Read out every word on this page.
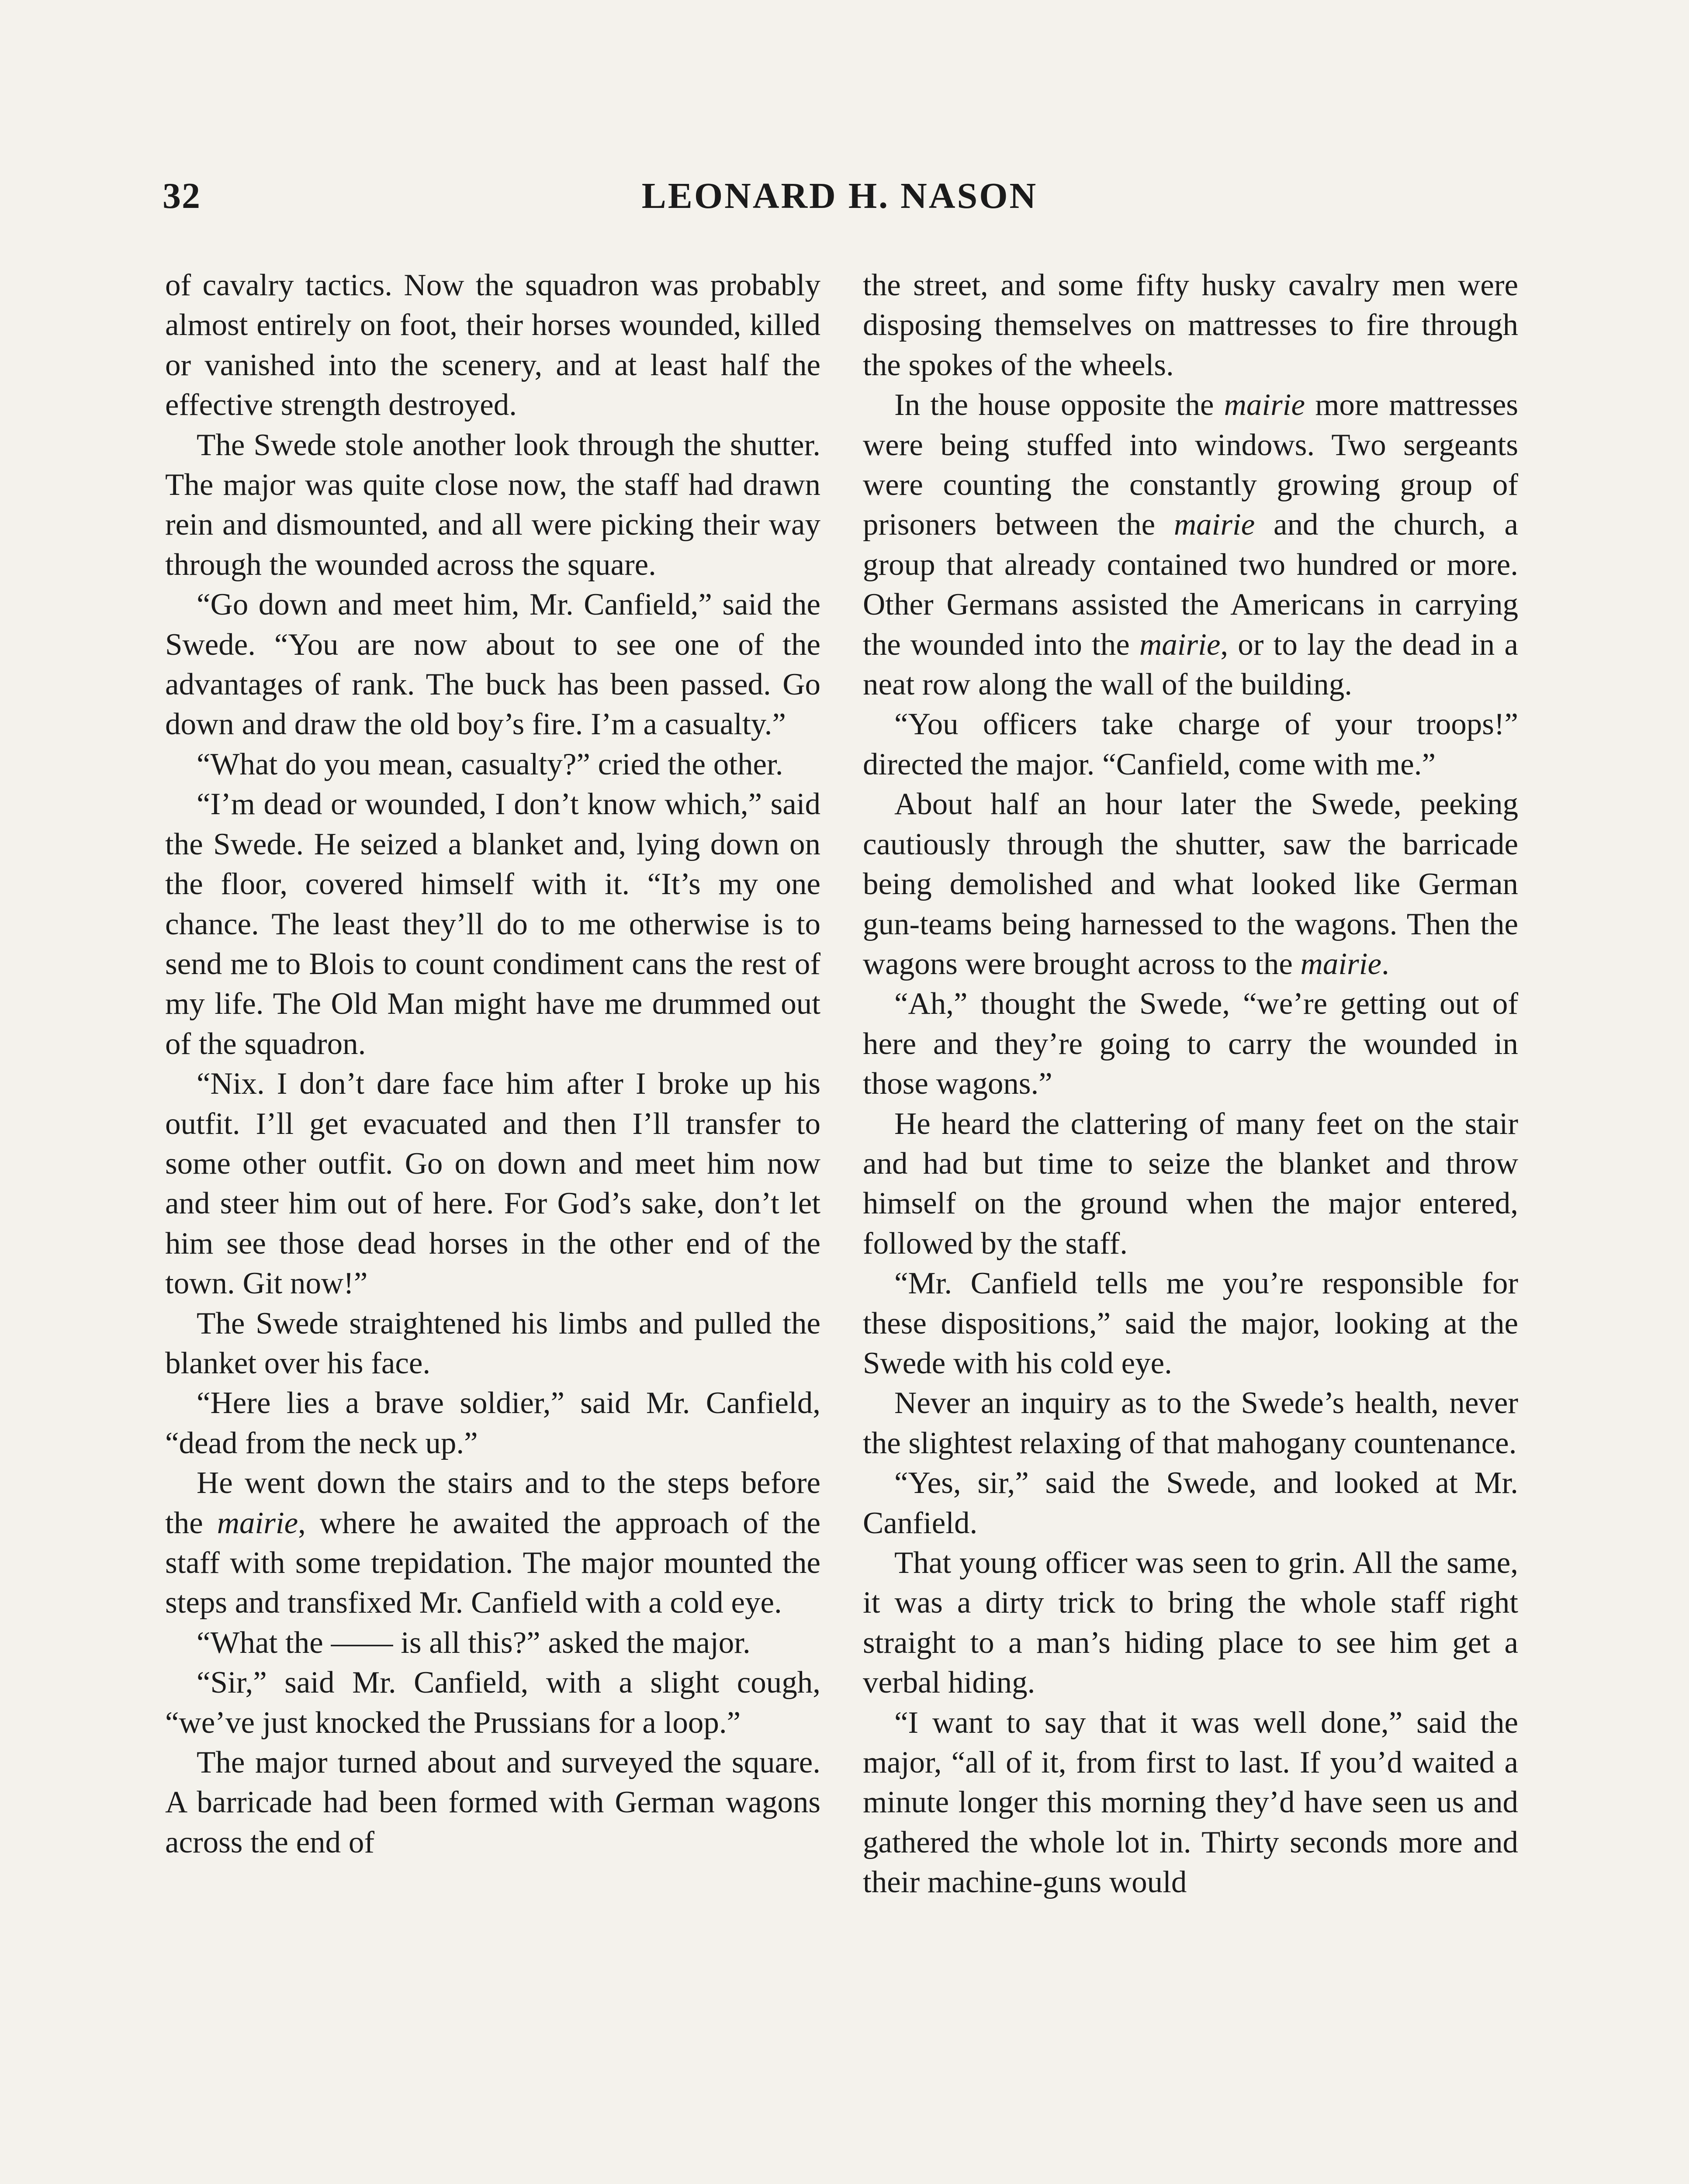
32	LEONARD H. NASON

of cavalry tactics. Now the squadron was probably almost entirely on foot, their horses wounded, killed or vanished into the scenery, and at least half the effective strength destroyed.

The Swede stole another look through the shutter. The major was quite close now, the staff had drawn rein and dismounted, and all were picking their way through the wounded across the square.

“Go down and meet him, Mr. Canfield,” said the Swede. “You are now about to see one of the advantages of rank. The buck has been passed. Go down and draw the old boy’s fire. I’m a casualty.”

“What do you mean, casualty?” cried the other.

“I’m dead or wounded, I don’t know which,” said the Swede. He seized a blanket and, lying down on the floor, covered himself with it. “It’s my one chance. The least they’ll do to me otherwise is to send me to Blois to count condiment cans the rest of my life. The Old Man might have me drummed out of the squadron.

“Nix. I don’t dare face him after I broke up his outfit. I’ll get evacuated and then I’ll transfer to some other outfit. Go on down and meet him now and steer him out of here. For God’s sake, don’t let him see those dead horses in the other end of the town. Git now!”

The Swede straightened his limbs and pulled the blanket over his face.

“Here lies a brave soldier,” said Mr. Canfield, “dead from the neck up.”

He went down the stairs and to the steps before the mairie, where he awaited the approach of the staff with some trepidation. The major mounted the steps and transfixed Mr. Canfield with a cold eye.

“What the —— is all this?” asked the major.

“Sir,” said Mr. Canfield, with a slight cough, “we’ve just knocked the Prussians for a loop.”

The major turned about and surveyed the square. A barricade had been formed with German wagons across the end of

the street, and some fifty husky cavalry men were disposing themselves on mattresses to fire through the spokes of the wheels.

In the house opposite the mairie more mattresses were being stuffed into windows. Two sergeants were counting the constantly growing group of prisoners between the mairie and the church, a group that already contained two hundred or more. Other Germans assisted the Americans in carrying the wounded into the mairie, or to lay the dead in a neat row along the wall of the building.

“You officers take charge of your troops!” directed the major. “Canfield, come with me.”

About half an hour later the Swede, peeking cautiously through the shutter, saw the barricade being demolished and what looked like German gun-teams being harnessed to the wagons. Then the wagons were brought across to the mairie.

“Ah,” thought the Swede, “we’re getting out of here and they’re going to carry the wounded in those wagons.”

He heard the clattering of many feet on the stair and had but time to seize the blanket and throw himself on the ground when the major entered, followed by the staff.

“Mr. Canfield tells me you’re responsible for these dispositions,” said the major, looking at the Swede with his cold eye.

Never an inquiry as to the Swede’s health, never the slightest relaxing of that mahogany countenance.

“Yes, sir,” said the Swede, and looked at Mr. Canfield.

That young officer was seen to grin. All the same, it was a dirty trick to bring the whole staff right straight to a man’s hiding place to see him get a verbal hiding.

“I want to say that it was well done,” said the major, “all of it, from first to last. If you’d waited a minute longer this morning they’d have seen us and gathered the whole lot in. Thirty seconds more and their machine-guns would
